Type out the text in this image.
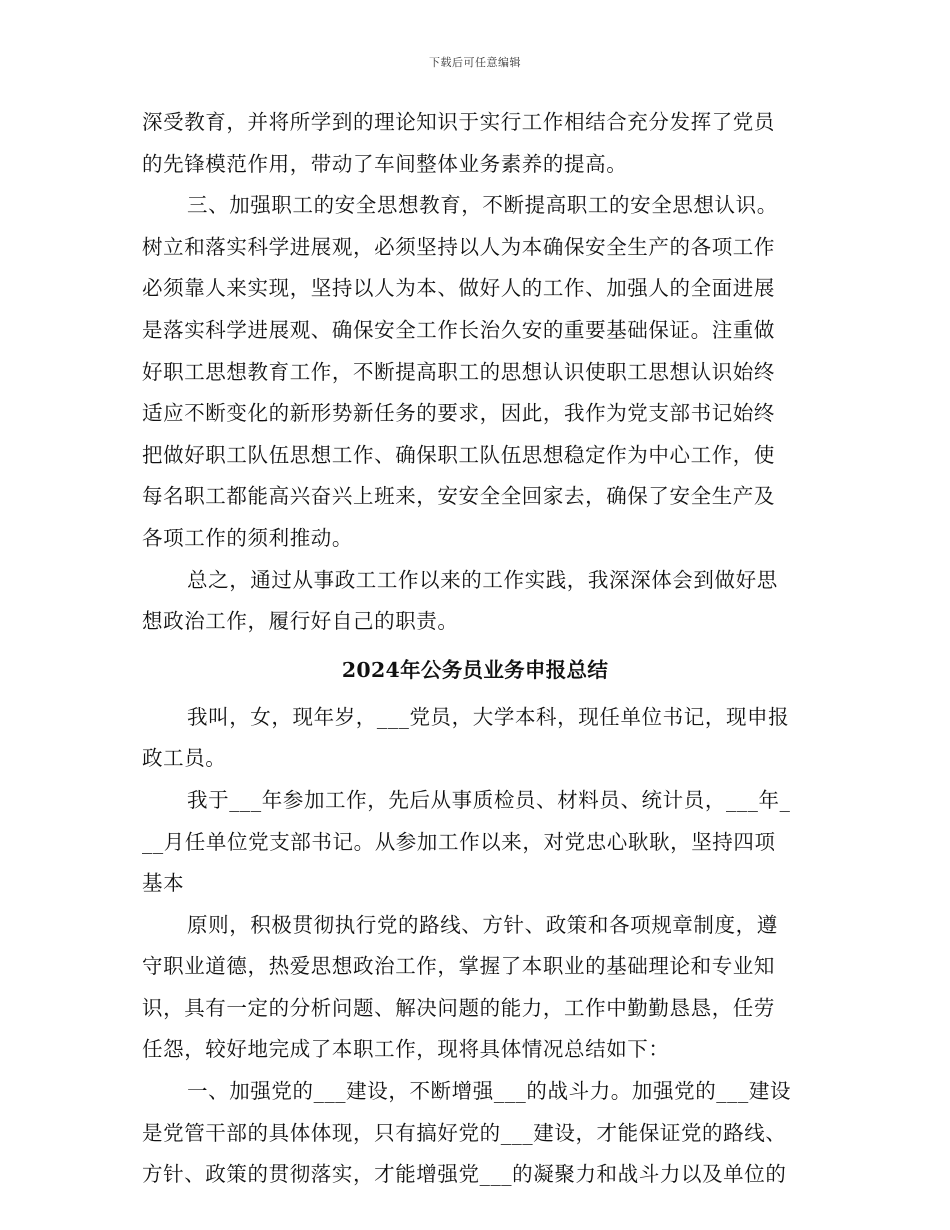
下载后可任意编辑
深受教育，并将所学到的理论知识于实行工作相结合充分发挥了党员
的先锋模范作用，带动了车间整体业务素养的提高。
三、加强职工的安全思想教育，不断提高职工的安全思想认识。
树立和落实科学进展观，必须坚持以人为本确保安全生产的各项工作
必须靠人来实现，坚持以人为本、做好人的工作、加强人的全面进展
是落实科学进展观、确保安全工作长治久安的重要基础保证。注重做
好职工思想教育工作，不断提高职工的思想认识使职工思想认识始终
适应不断变化的新形势新任务的要求，因此，我作为党支部书记始终
把做好职工队伍思想工作、确保职工队伍思想稳定作为中心工作，使
每名职工都能高兴奋兴上班来，安安全全回家去，确保了安全生产及
各项工作的须利推动。
总之，通过从事政工工作以来的工作实践，我深深体会到做好思
想政治工作，履行好自己的职责。
2024年公务员业务申报总结
我叫，女，现年岁，___党员，大学本科，现任单位书记，现申报
政工员。
我于___年参加工作，先后从事质检员、材料员、统计员，___年_
__月任单位党支部书记。从参加工作以来，对党忠心耿耿，坚持四项
基本
原则，积极贯彻执行党的路线、方针、政策和各项规章制度，遵
守职业道德，热爱思想政治工作，掌握了本职业的基础理论和专业知
识，具有一定的分析问题、解决问题的能力，工作中勤勤恳恳，任劳
任怨，较好地完成了本职工作，现将具体情况总结如下：
一、加强党的___建设，不断增强___的战斗力。加强党的___建设
是党管干部的具体体现，只有搞好党的___建设，才能保证党的路线、
方针、政策的贯彻落实，才能增强党___的凝聚力和战斗力以及单位的
